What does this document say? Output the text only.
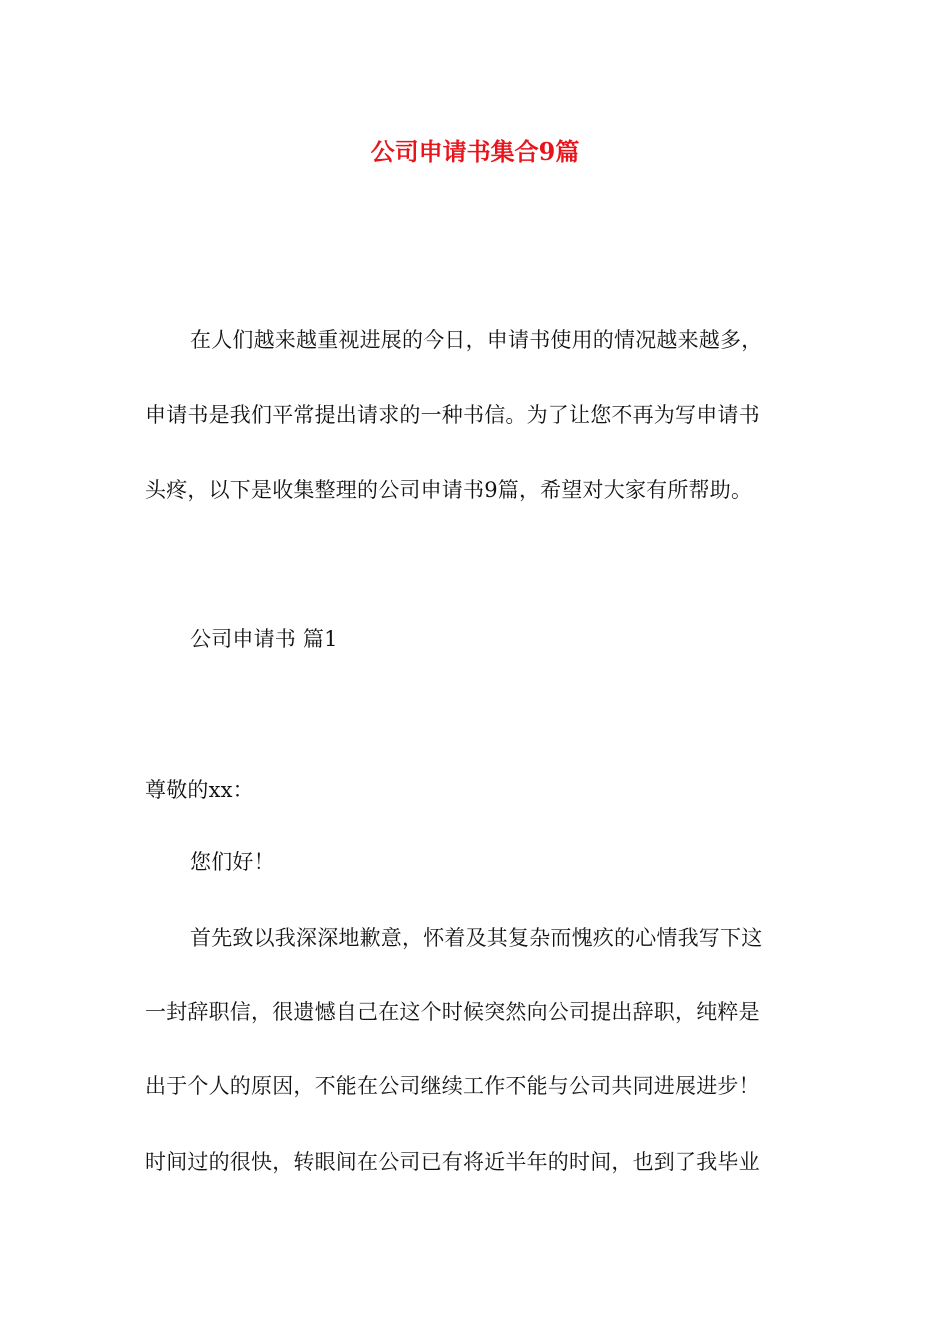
公司申请书集合9篇
在人们越来越重视进展的今日，申请书使用的情况越来越多，
申请书是我们平常提出请求的一种书信。为了让您不再为写申请书
头疼，以下是收集整理的公司申请书9篇，希望对大家有所帮助。
公司申请书 篇1
尊敬的xx：
您们好！
首先致以我深深地歉意，怀着及其复杂而愧疚的心情我写下这
一封辞职信，很遗憾自己在这个时候突然向公司提出辞职，纯粹是
出于个人的原因，不能在公司继续工作不能与公司共同进展进步！
时间过的很快，转眼间在公司已有将近半年的时间，也到了我毕业
